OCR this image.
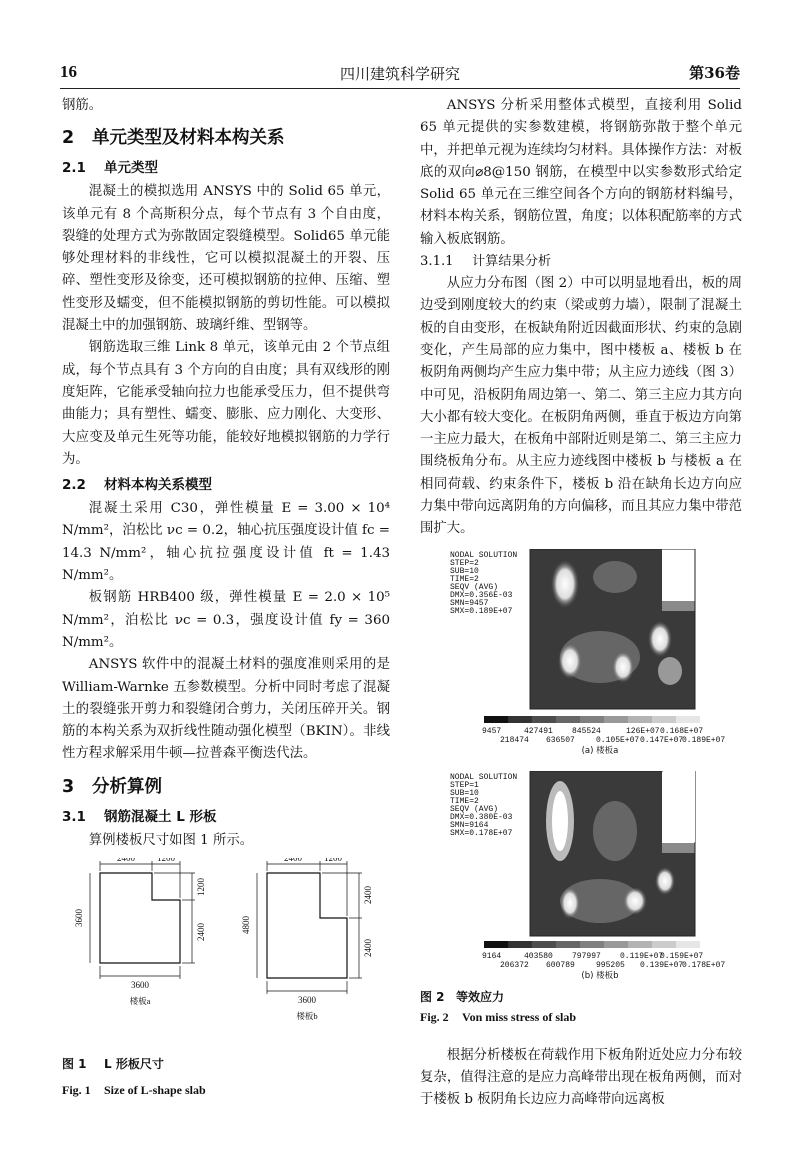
16	四川建筑科学研究	第36卷

钢筋。

2 单元类型及材料本构关系
2.1 单元类型

混凝土的模拟选用 ANSYS 中的 Solid 65 单元，该单元有 8 个高斯积分点，每个节点有 3 个自由度，裂缝的处理方式为弥散固定裂缝模型。Solid65 单元能够处理材料的非线性，它可以模拟混凝土的开裂、压碎、塑性变形及徐变，还可模拟钢筋的拉伸、压缩、塑性变形及蠕变，但不能模拟钢筋的剪切性能。可以模拟混凝土中的加强钢筋、玻璃纤维、型钢等。

钢筋选取三维 Link 8 单元，该单元由 2 个节点组成，每个节点具有 3 个方向的自由度；具有双线形的刚度矩阵，它能承受轴向拉力也能承受压力，但不提供弯曲能力；具有塑性、蠕变、膨胀、应力刚化、大变形、大应变及单元生死等功能，能较好地模拟钢筋的力学行为。

2.2 材料本构关系模型

混凝土采用 C30，弹性模量 E = 3.00 × 10⁴ N/mm²，泊松比 νc = 0.2，轴心抗压强度设计值 fc = 14.3 N/mm²，轴心抗拉强度设计值 ft = 1.43 N/mm²。

板钢筋 HRB400 级，弹性模量 E = 2.0 × 10⁵ N/mm²，泊松比 νc = 0.3，强度设计值 fy = 360 N/mm²。

ANSYS 软件中的混凝土材料的强度准则采用的是 William-Warnke 五参数模型。分析中同时考虑了混凝土的裂缝张开剪力和裂缝闭合剪力，关闭压碎开关。钢筋的本构关系为双折线性随动强化模型（BKIN）。非线性方程求解采用牛顿—拉普森平衡迭代法。

3 分析算例
3.1 钢筋混凝土 L 形板

算例楼板尺寸如图 1 所示。

2400 1200
1200
2400
3600
3600
楼板a
2400 1200
2400
2400
4800
3600
楼板b
图 1 L 形板尺寸
Fig. 1 Size of L-shape slab

ANSYS 分析采用整体式模型，直接利用 Solid 65 单元提供的实参数建模，将钢筋弥散于整个单元中，并把单元视为连续均匀材料。具体操作方法：对板底的双向⌀8@150 钢筋，在模型中以实参数形式给定 Solid 65 单元在三维空间各个方向的钢筋材料编号，材料本构关系，钢筋位置，角度；以体积配筋率的方式输入板底钢筋。

3.1.1 计算结果分析

从应力分布图（图 2）中可以明显地看出，板的周边受到刚度较大的约束（梁或剪力墙），限制了混凝土板的自由变形，在板缺角附近因截面形状、约束的急剧变化，产生局部的应力集中，图中楼板 a、楼板 b 在板阴角两侧均产生应力集中带；从主应力迹线（图 3）中可见，沿板阴角周边第一、第二、第三主应力其方向大小都有较大变化。在板阴角两侧，垂直于板边方向第一主应力最大，在板角中部附近则是第二、第三主应力围绕板角分布。从主应力迹线图中楼板 b 与楼板 a 在相同荷载、约束条件下，楼板 b 沿在缺角长边方向应力集中带向远离阴角的方向偏移，而且其应力集中带范围扩大。

NODAL SOLUTION
STEP=2
SUB=10
TIME=2
SEQV (AVG)
DMX=0.356E-03
SMN=9457
SMX=0.189E+07
9457	427491 845524	126E+07 0.168E+07
218474 636507	0.105E+07 0.147E+07
0.189E+07
(a) 楼板a
NODAL SOLUTION
STEP=1
SUB=10
TIME=2
SEQV (AVG)
DMX=0.380E-03
SMN=9164
SMX=0.178E+07
9164	403580 797997 0.119E+07
0.159E+07
206372 600789	995205 0.139E+07
0.178E+07
(b) 楼板b
图 2 等效应力
Fig. 2 Von miss stress of slab

根据分析楼板在荷载作用下板角附近处应力分布较复杂，值得注意的是应力高峰带出现在板角两侧，而对于楼板 b 板阴角长边应力高峰带向远离板
